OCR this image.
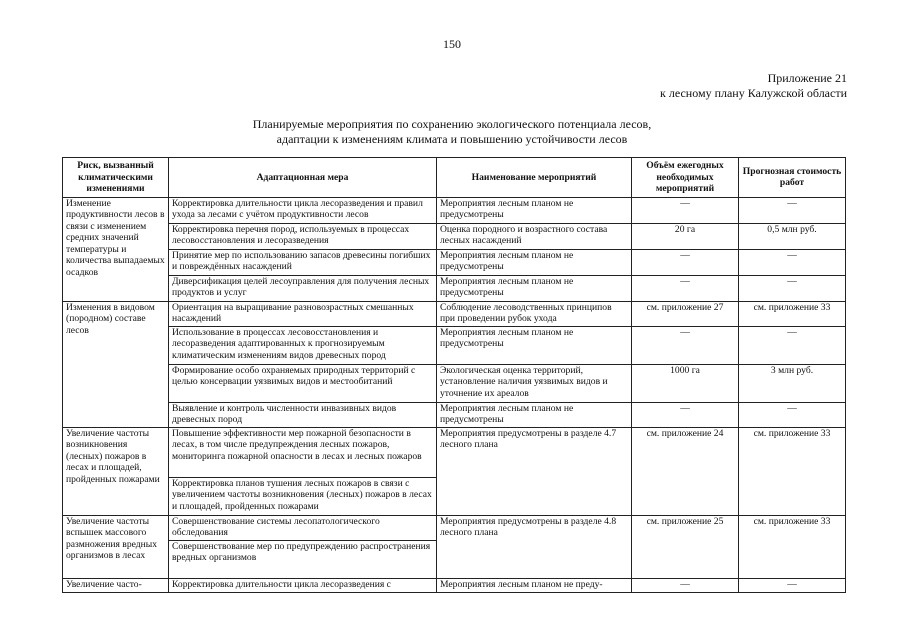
150
Приложение 21
к лесному плану Калужской области
Планируемые мероприятия по сохранению экологического потенциала лесов,
адаптации к изменениям климата и повышению устойчивости лесов
Риск, вызванный климатическими изменениями	Адаптационная мера	Наименование мероприятий	Объём ежегодных необходимых мероприятий	Прогнозная стоимость работ
Изменение продуктивности лесов в связи с изменением средних значений температуры и количества выпадаемых осадков	Корректировка длительности цикла лесоразведения и правил ухода за лесами с учётом продуктивности лесов	Мероприятия лесным планом не предусмотрены	—	—
	Корректировка перечня пород, используемых в процессах лесовосстановления и лесоразведения	Оценка породного и возрастного состава лесных насаждений	20 га	0,5 млн руб.
	Принятие мер по использованию запасов древесины погибших и повреждённых насаждений	Мероприятия лесным планом не предусмотрены	—	—
	Диверсификация целей лесоуправления для получения лесных продуктов и услуг	Мероприятия лесным планом не предусмотрены	—	—
Изменения в видовом (породном) составе лесов	Ориентация на выращивание разновозрастных смешанных насаждений	Соблюдение лесоводственных принципов при проведении рубок ухода	см. приложение 27	см. приложение 33
	Использование в процессах лесовосстановления и лесоразведения адаптированных к прогнозируемым климатическим изменениям видов древесных пород	Мероприятия лесным планом не предусмотрены	—	—
	Формирование особо охраняемых природных территорий с целью консервации уязвимых видов и местообитаний	Экологическая оценка территорий, установление наличия уязвимых видов и уточнение их ареалов	1000 га	3 млн руб.
	Выявление и контроль численности инвазивных видов древесных пород	Мероприятия лесным планом не предусмотрены	—	—
Увеличение частоты возникновения (лесных) пожаров в лесах и площадей, пройденных пожарами	Повышение эффективности мер пожарной безопасности в лесах, в том числе предупреждения лесных пожаров, мониторинга пожарной опасности в лесах и лесных пожаров	Мероприятия предусмотрены в разделе 4.7 лесного плана	см. приложение 24	см. приложение 33
	Корректировка планов тушения лесных пожаров в связи с увеличением частоты возникновения (лесных) пожаров в лесах и площадей, пройденных пожарами			
Увеличение частоты вспышек массового размножения вредных организмов в лесах	Совершенствование системы лесопатологического обследования	Мероприятия предусмотрены в разделе 4.8 лесного плана	см. приложение 25	см. приложение 33
	Совершенствование мер по предупреждению распространения вредных организмов			
Увеличение часто-	Корректировка длительности цикла лесоразведения с	Мероприятия лесным планом не преду-	—	—
